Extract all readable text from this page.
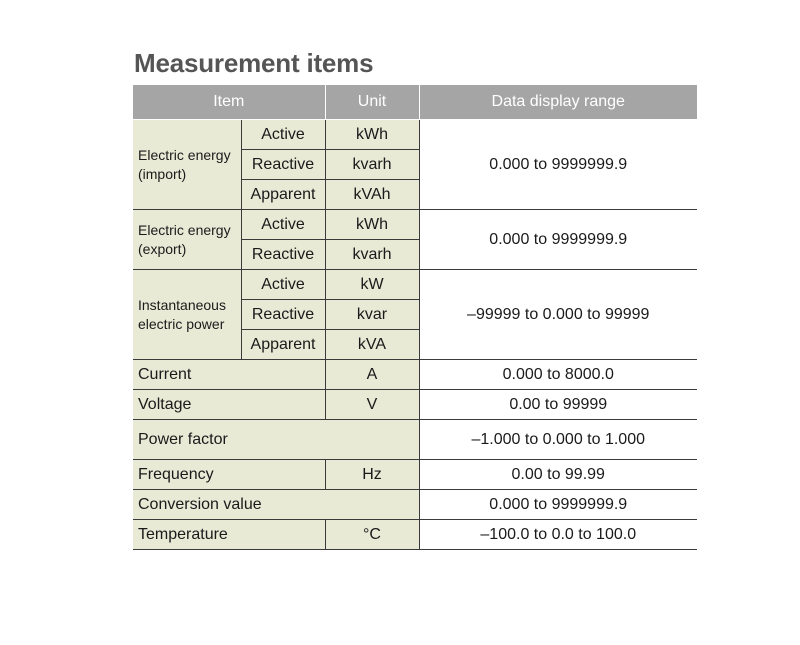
Measurement items
Item		Unit	Data display range
Electric energy
(import)	Active	kWh	0.000 to 9999999.9
	Reactive	kvarh	
	Apparent	kVAh	
Electric energy
(export)	Active	kWh	0.000 to 9999999.9
	Reactive	kvarh	
Instantaneous
electric power	Active	kW	–99999 to 0.000 to 99999
	Reactive	kvar	
	Apparent	kVA	
Current		A	0.000 to 8000.0
Voltage		V	0.00 to 99999
Power factor			–1.000 to 0.000 to 1.000
Frequency		Hz	0.00 to 99.99
Conversion value			0.000 to 9999999.9
Temperature		°C	–100.0 to 0.0 to 100.0
